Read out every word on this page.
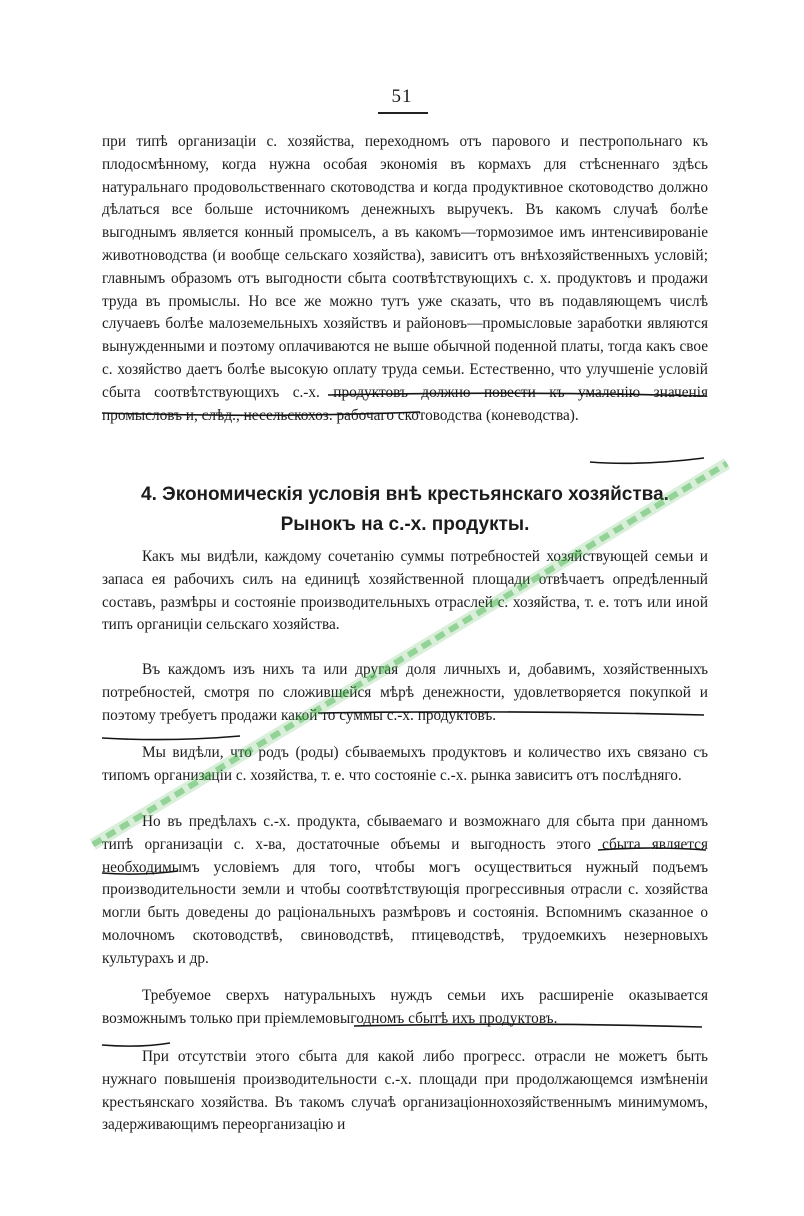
51
при типѣ организацiи с. хозяйства, переходномъ отъ парового и пестропольнаго къ плодосмѣнному, когда нужна особая экономiя въ кормахъ для стѣсненнаго здѣсь натуральнаго продовольственнаго скотоводства и когда продуктивное скотоводство должно дѣлаться все больше источникомъ денежныхъ выручекъ. Въ какомъ случаѣ болѣе выгоднымъ является конный промыселъ, а въ какомъ—тормозимое имъ интенсивированiе животноводства (и вообще сельскаго хозяйства), зависитъ отъ внѣхозяйственныхъ условiй; главнымъ образомъ отъ выгодности сбыта соотвѣтствующихъ с. х. продуктовъ и продажи труда въ промыслы. Но все же можно тутъ уже сказать, что въ подавляющемъ числѣ случаевъ болѣе малоземельныхъ хозяйствъ и районовъ—промысловые заработки являются вынужденными и поэтому оплачиваются не выше обычной поденной платы, тогда какъ свое с. хозяйство даетъ болѣе высокую оплату труда семьи. Естественно, что улучшенiе условiй сбыта соотвѣтствующихъ с.-х. продуктовъ должно повести къ умаленiю значенiя промысловъ и, слѣд., несельскохоз. рабочаго скотоводства (коневодства).
4. Экономическiя условiя внѣ крестьянскаго хозяйства.
Рынокъ на с.-х. продукты.
Какъ мы видѣли, каждому сочетанiю суммы потребностей хозяйствующей семьи и запаса ея рабочихъ силъ на единицѣ хозяйственной площади отвѣчаетъ опредѣленный составъ, размѣры и состоянiе производительныхъ отраслей с. хозяйства, т. е. тотъ или иной типъ органицiи сельскаго хозяйства.
Въ каждомъ изъ нихъ та или другая доля личныхъ и, добавимъ, хозяйственныхъ потребностей, смотря по сложившейся мѣрѣ денежности, удовлетворяется покупкой и поэтому требуетъ продажи какой то суммы с.-х. продуктовъ.
Мы видѣли, что родъ (роды) сбываемыхъ продуктовъ и количество ихъ связано съ типомъ организацiи с. хозяйства, т. е. что состоянiе с.-х. рынка зависитъ отъ послѣдняго.
Но въ предѣлахъ с.-х. продукта, сбываемаго и возможнаго для сбыта при данномъ типѣ организацiи с. х-ва, достаточные объемы и выгодность этого сбыта является необходимымъ условiемъ для того, чтобы могъ осуществиться нужный подъемъ производительности земли и чтобы соотвѣтствующiя прогрессивныя отрасли с. хозяйства могли быть доведены до рацiональныхъ размѣровъ и состоянiя. Вспомнимъ сказанное о молочномъ скотоводствѣ, свиноводствѣ, птицеводствѣ, трудоемкихъ незерновыхъ культурахъ и др.
Требуемое сверхъ натуральныхъ нуждъ семьи ихъ расширенiе оказывается возможнымъ только при прiемлемовыгодномъ сбытѣ ихъ продуктовъ.
При отсутствiи этого сбыта для какой либо прогресс. отрасли не можетъ быть нужнаго повышенiя производительности с.-х. площади при продолжающемся измѣненiи крестьянскаго хозяйства. Въ такомъ случаѣ организацiоннохозяйственнымъ минимумомъ, задерживающимъ переорганизацiю и
